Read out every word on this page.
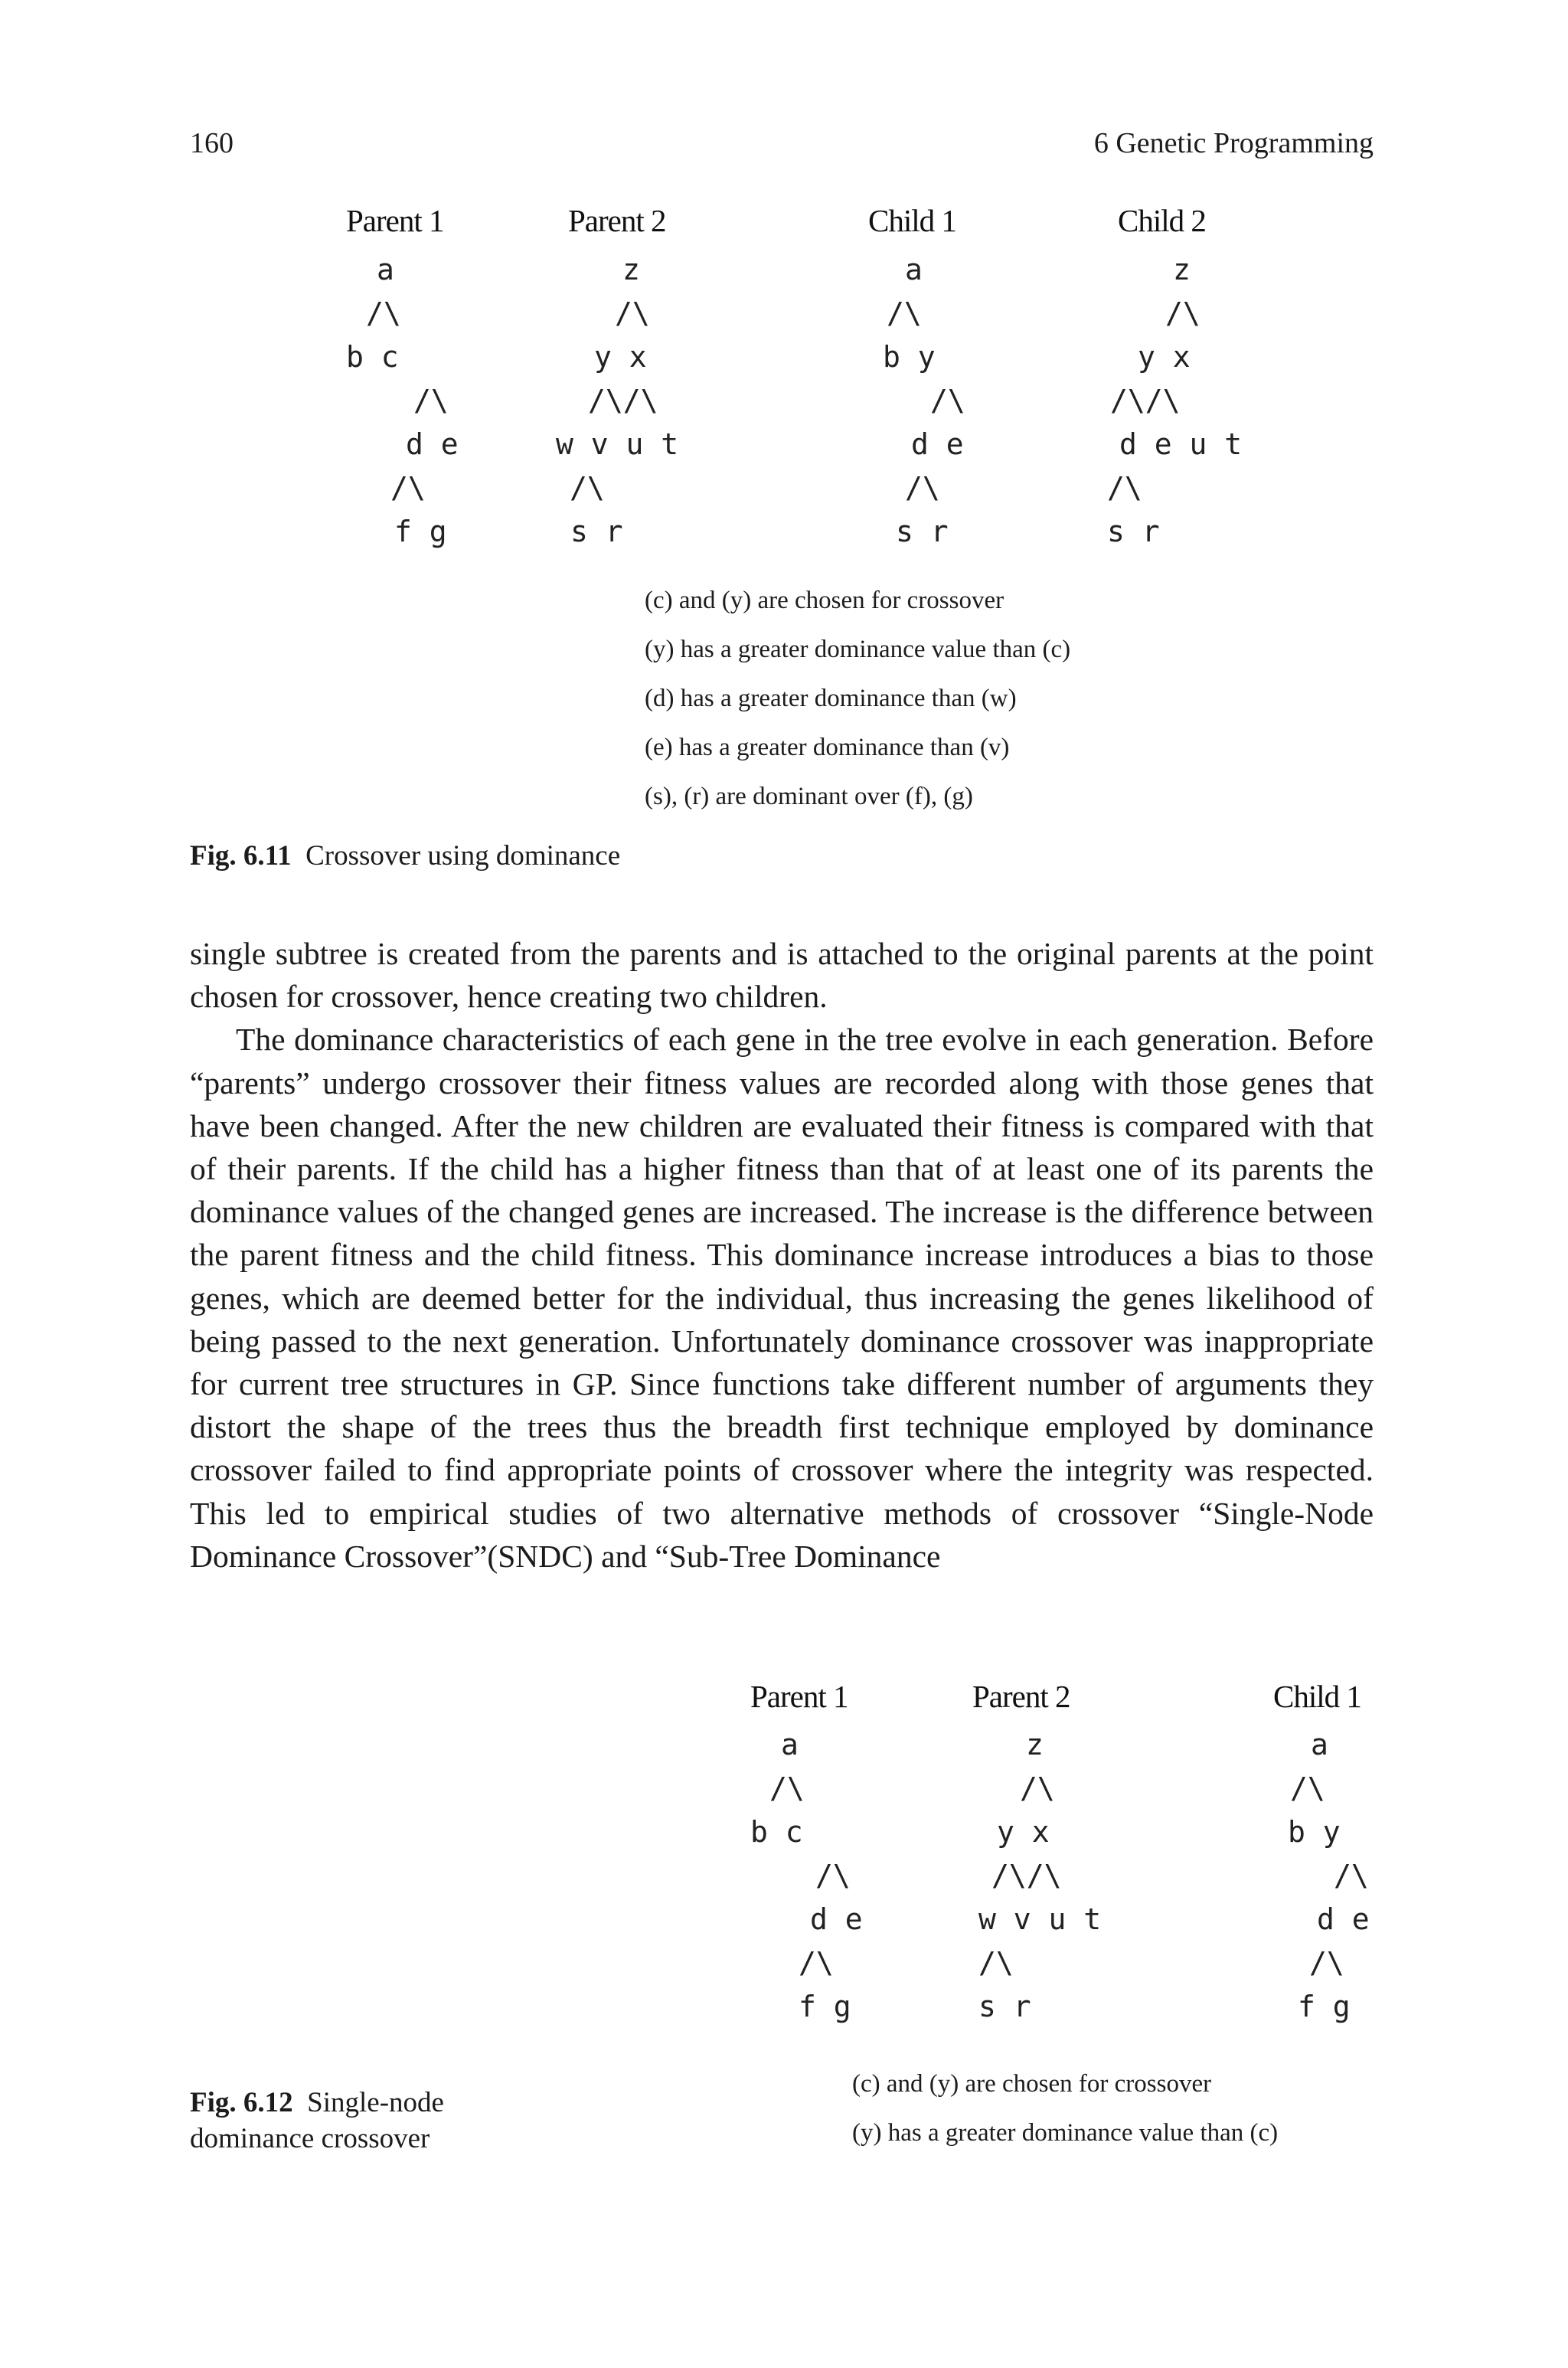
160	6 Genetic Programming
Parent 1
a
/\
b c
/\
d e
/\
f g
Parent 2
z
/\
y x
/\/\
w v u t
/\
s r
Child 1
a
/\
b y
/\
d e
/\
s r
Child 2
z
/\
y x
/\/\
d e u t
/\
s r
(c) and (y) are chosen for crossover
(y) has a greater dominance value than (c)
(d) has a greater dominance than (w)
(e) has a greater dominance than (v)
(s), (r) are dominant over (f), (g)
Fig. 6.11 Crossover using dominance

single subtree is created from the parents and is attached to the original parents at the point chosen for crossover, hence creating two children.

The dominance characteristics of each gene in the tree evolve in each generation. Before “parents” undergo crossover their fitness values are recorded along with those genes that have been changed. After the new children are evaluated their fitness is compared with that of their parents. If the child has a higher fitness than that of at least one of its parents the dominance values of the changed genes are increased. The increase is the difference between the parent fitness and the child fitness. This dominance increase introduces a bias to those genes, which are deemed better for the individual, thus increasing the genes likelihood of being passed to the next generation. Unfortunately dominance crossover was inappropriate for current tree structures in GP. Since functions take different number of arguments they distort the shape of the trees thus the breadth first technique employed by dominance crossover failed to find appropriate points of crossover where the integrity was respected. This led to empirical studies of two alternative methods of crossover “Single-Node Dominance Crossover”(SNDC) and “Sub-Tree Dominance

Parent 1
a
/\
b c
/\
d e
/\
f g
Parent 2
z
/\
y x
/\/\
w v u t
/\
s r
Child 1
a
/\
b y
/\
d e
/\
f g
(c) and (y) are chosen for crossover
(y) has a greater dominance value than (c)
Fig. 6.12 Single-node
dominance crossover
